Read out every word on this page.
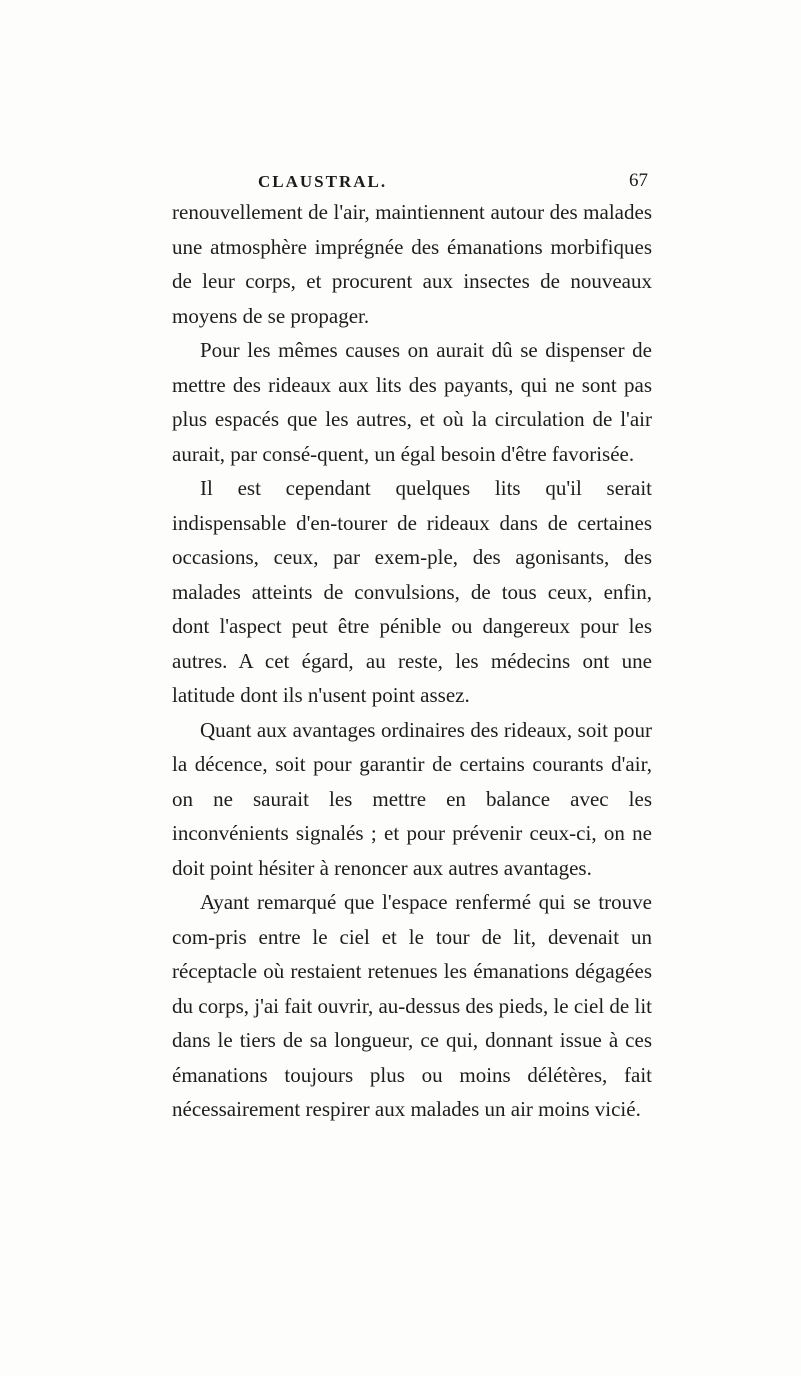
CLAUSTRAL.	67

renouvellement de l'air, maintiennent autour des malades une atmosphère imprégnée des émanations morbifiques de leur corps, et procurent aux insectes de nouveaux moyens de se propager.

Pour les mêmes causes on aurait dû se dispenser de mettre des rideaux aux lits des payants, qui ne sont pas plus espacés que les autres, et où la circulation de l'air aurait, par consé-quent, un égal besoin d'être favorisée.

Il est cependant quelques lits qu'il serait indispensable d'en-tourer de rideaux dans de certaines occasions, ceux, par exem-ple, des agonisants, des malades atteints de convulsions, de tous ceux, enfin, dont l'aspect peut être pénible ou dangereux pour les autres. A cet égard, au reste, les médecins ont une latitude dont ils n'usent point assez.

Quant aux avantages ordinaires des rideaux, soit pour la décence, soit pour garantir de certains courants d'air, on ne saurait les mettre en balance avec les inconvénients signalés ; et pour prévenir ceux-ci, on ne doit point hésiter à renoncer aux autres avantages.

Ayant remarqué que l'espace renfermé qui se trouve com-pris entre le ciel et le tour de lit, devenait un réceptacle où restaient retenues les émanations dégagées du corps, j'ai fait ouvrir, au-dessus des pieds, le ciel de lit dans le tiers de sa longueur, ce qui, donnant issue à ces émanations toujours plus ou moins délétères, fait nécessairement respirer aux malades un air moins vicié.
